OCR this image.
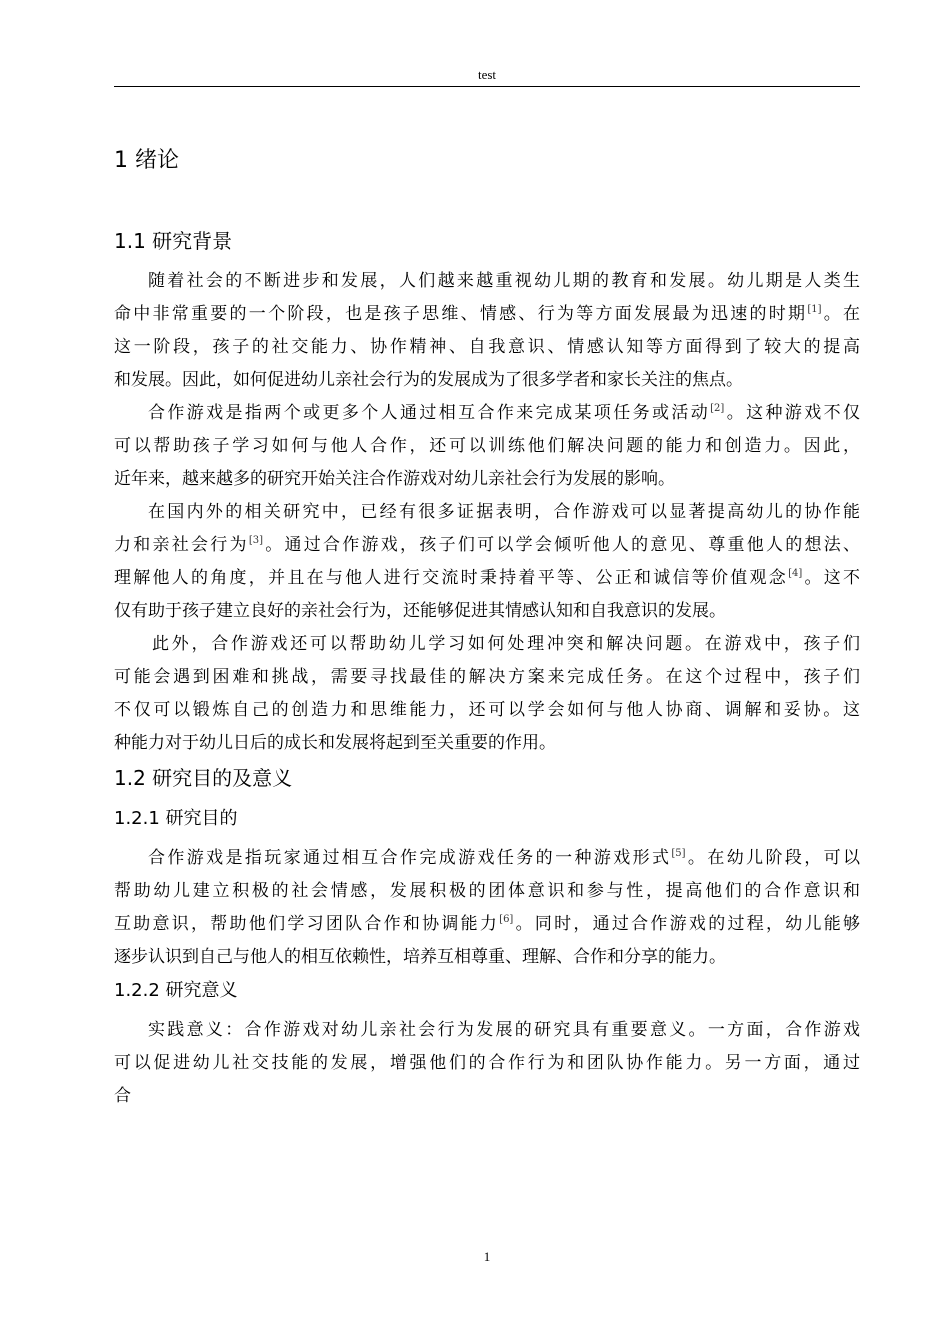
test
1 绪论
1.1 研究背景
随着社会的不断进步和发展，人们越来越重视幼儿期的教育和发展。幼儿期是人类生
命中非常重要的一个阶段，也是孩子思维、情感、行为等方面发展最为迅速的时期[1]。在
这一阶段，孩子的社交能力、协作精神、自我意识、情感认知等方面得到了较大的提高
和发展。因此，如何促进幼儿亲社会行为的发展成为了很多学者和家长关注的焦点。
合作游戏是指两个或更多个人通过相互合作来完成某项任务或活动[2]。这种游戏不仅
可以帮助孩子学习如何与他人合作，还可以训练他们解决问题的能力和创造力。因此，
近年来，越来越多的研究开始关注合作游戏对幼儿亲社会行为发展的影响。
在国内外的相关研究中，已经有很多证据表明，合作游戏可以显著提高幼儿的协作能
力和亲社会行为[3]。通过合作游戏，孩子们可以学会倾听他人的意见、尊重他人的想法、
理解他人的角度，并且在与他人进行交流时秉持着平等、公正和诚信等价值观念[4]。这不
仅有助于孩子建立良好的亲社会行为，还能够促进其情感认知和自我意识的发展。
此外，合作游戏还可以帮助幼儿学习如何处理冲突和解决问题。在游戏中，孩子们
可能会遇到困难和挑战，需要寻找最佳的解决方案来完成任务。在这个过程中，孩子们
不仅可以锻炼自己的创造力和思维能力，还可以学会如何与他人协商、调解和妥协。这
种能力对于幼儿日后的成长和发展将起到至关重要的作用。
1.2 研究目的及意义
1.2.1 研究目的
合作游戏是指玩家通过相互合作完成游戏任务的一种游戏形式[5]。在幼儿阶段，可以
帮助幼儿建立积极的社会情感，发展积极的团体意识和参与性，提高他们的合作意识和
互助意识，帮助他们学习团队合作和协调能力[6]。同时，通过合作游戏的过程，幼儿能够
逐步认识到自己与他人的相互依赖性，培养互相尊重、理解、合作和分享的能力。
1.2.2 研究意义
实践意义：合作游戏对幼儿亲社会行为发展的研究具有重要意义。一方面，合作游戏
可以促进幼儿社交技能的发展，增强他们的合作行为和团队协作能力。另一方面，通过
合
1
